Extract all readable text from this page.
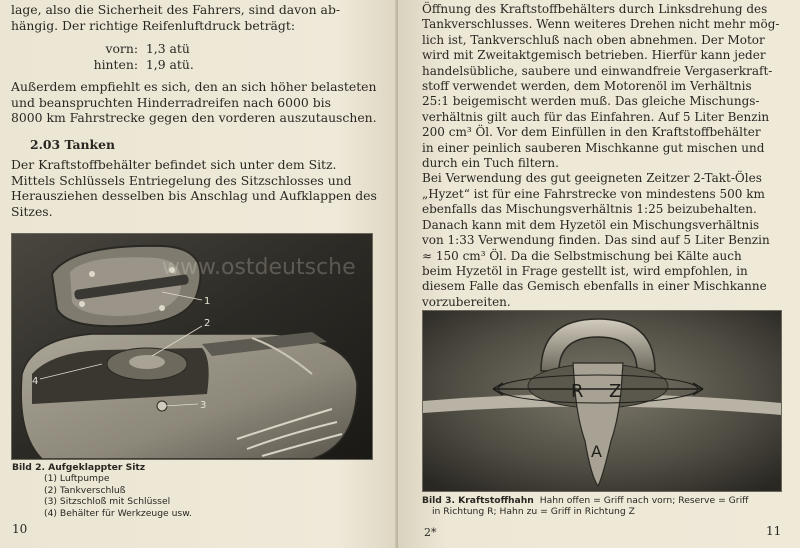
lage, also die Sicherheit des Fahrers, sind davon ab-
hängig. Der richtige Reifenluftdruck beträgt:
vorn: 1,3 atü
hinten: 1,9 atü.
Außerdem empfiehlt es sich, den an sich höher belasteten
und beanspruchten Hinderradreifen nach 6000 bis
8000 km Fahrstrecke gegen den vorderen auszutauschen.
2.03 Tanken
Der Kraftstoffbehälter befindet sich unter dem Sitz.
Mittels Schlüssels Entriegelung des Sitzschlosses und
Herausziehen desselben bis Anschlag und Aufklappen des
Sitzes.
1
2
3
4
www.ostdeutsche
Bild 2. Aufgeklappter Sitz
(1) Luftpumpe
(2) Tankverschluß
(3) Sitzschloß mit Schlüssel
(4) Behälter für Werkzeuge usw.
10
Öffnung des Kraftstoffbehälters durch Linksdrehung des
Tankverschlusses. Wenn weiteres Drehen nicht mehr mög-
lich ist, Tankverschluß nach oben abnehmen. Der Motor
wird mit Zweitaktgemisch betrieben. Hierfür kann jeder
handelsübliche, saubere und einwandfreie Vergaserkraft-
stoff verwendet werden, dem Motorenöl im Verhältnis
25:1 beigemischt werden muß. Das gleiche Mischungs-
verhältnis gilt auch für das Einfahren. Auf 5 Liter Benzin
200 cm³ Öl. Vor dem Einfüllen in den Kraftstoffbehälter
in einer peinlich sauberen Mischkanne gut mischen und
durch ein Tuch filtern.
Bei Verwendung des gut geeigneten Zeitzer 2-Takt-Öles
„Hyzet“ ist für eine Fahrstrecke von mindestens 500 km
ebenfalls das Mischungsverhältnis 1:25 beizubehalten.
Danach kann mit dem Hyzetöl ein Mischungsverhältnis
von 1:33 Verwendung finden. Das sind auf 5 Liter Benzin
≈ 150 cm³ Öl. Da die Selbstmischung bei Kälte auch
beim Hyzetöl in Frage gestellt ist, wird empfohlen, in
diesem Falle das Gemisch ebenfalls in einer Mischkanne
vorzubereiten.
R Z
A
Bild 3. Kraftstoffhahn Hahn offen = Griff nach vorn; Reserve = Griff
in Richtung R; Hahn zu = Griff in Richtung Z
2*	11
